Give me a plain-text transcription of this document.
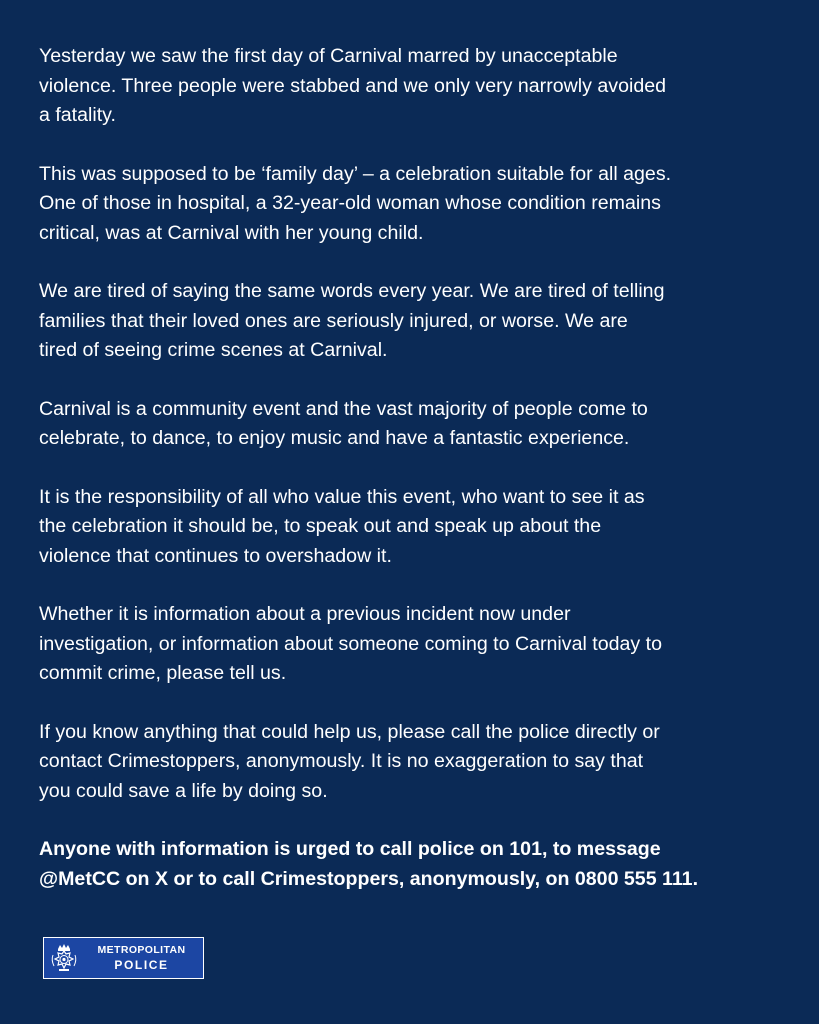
Yesterday we saw the first day of Carnival marred by unacceptable
violence. Three people were stabbed and we only very narrowly avoided
a fatality.

This was supposed to be ‘family day’ – a celebration suitable for all ages.
One of those in hospital, a 32-year-old woman whose condition remains
critical, was at Carnival with her young child.

We are tired of saying the same words every year. We are tired of telling
families that their loved ones are seriously injured, or worse. We are
tired of seeing crime scenes at Carnival.

Carnival is a community event and the vast majority of people come to
celebrate, to dance, to enjoy music and have a fantastic experience.

It is the responsibility of all who value this event, who want to see it as
the celebration it should be, to speak out and speak up about the
violence that continues to overshadow it.

Whether it is information about a previous incident now under
investigation, or information about someone coming to Carnival today to
commit crime, please tell us.

If you know anything that could help us, please call the police directly or
contact Crimestoppers, anonymously. It is no exaggeration to say that
you could save a life by doing so.

Anyone with information is urged to call police on 101, to message
@MetCC on X or to call Crimestoppers, anonymously, on 0800 555 111.

METROPOLITAN
POLICE
